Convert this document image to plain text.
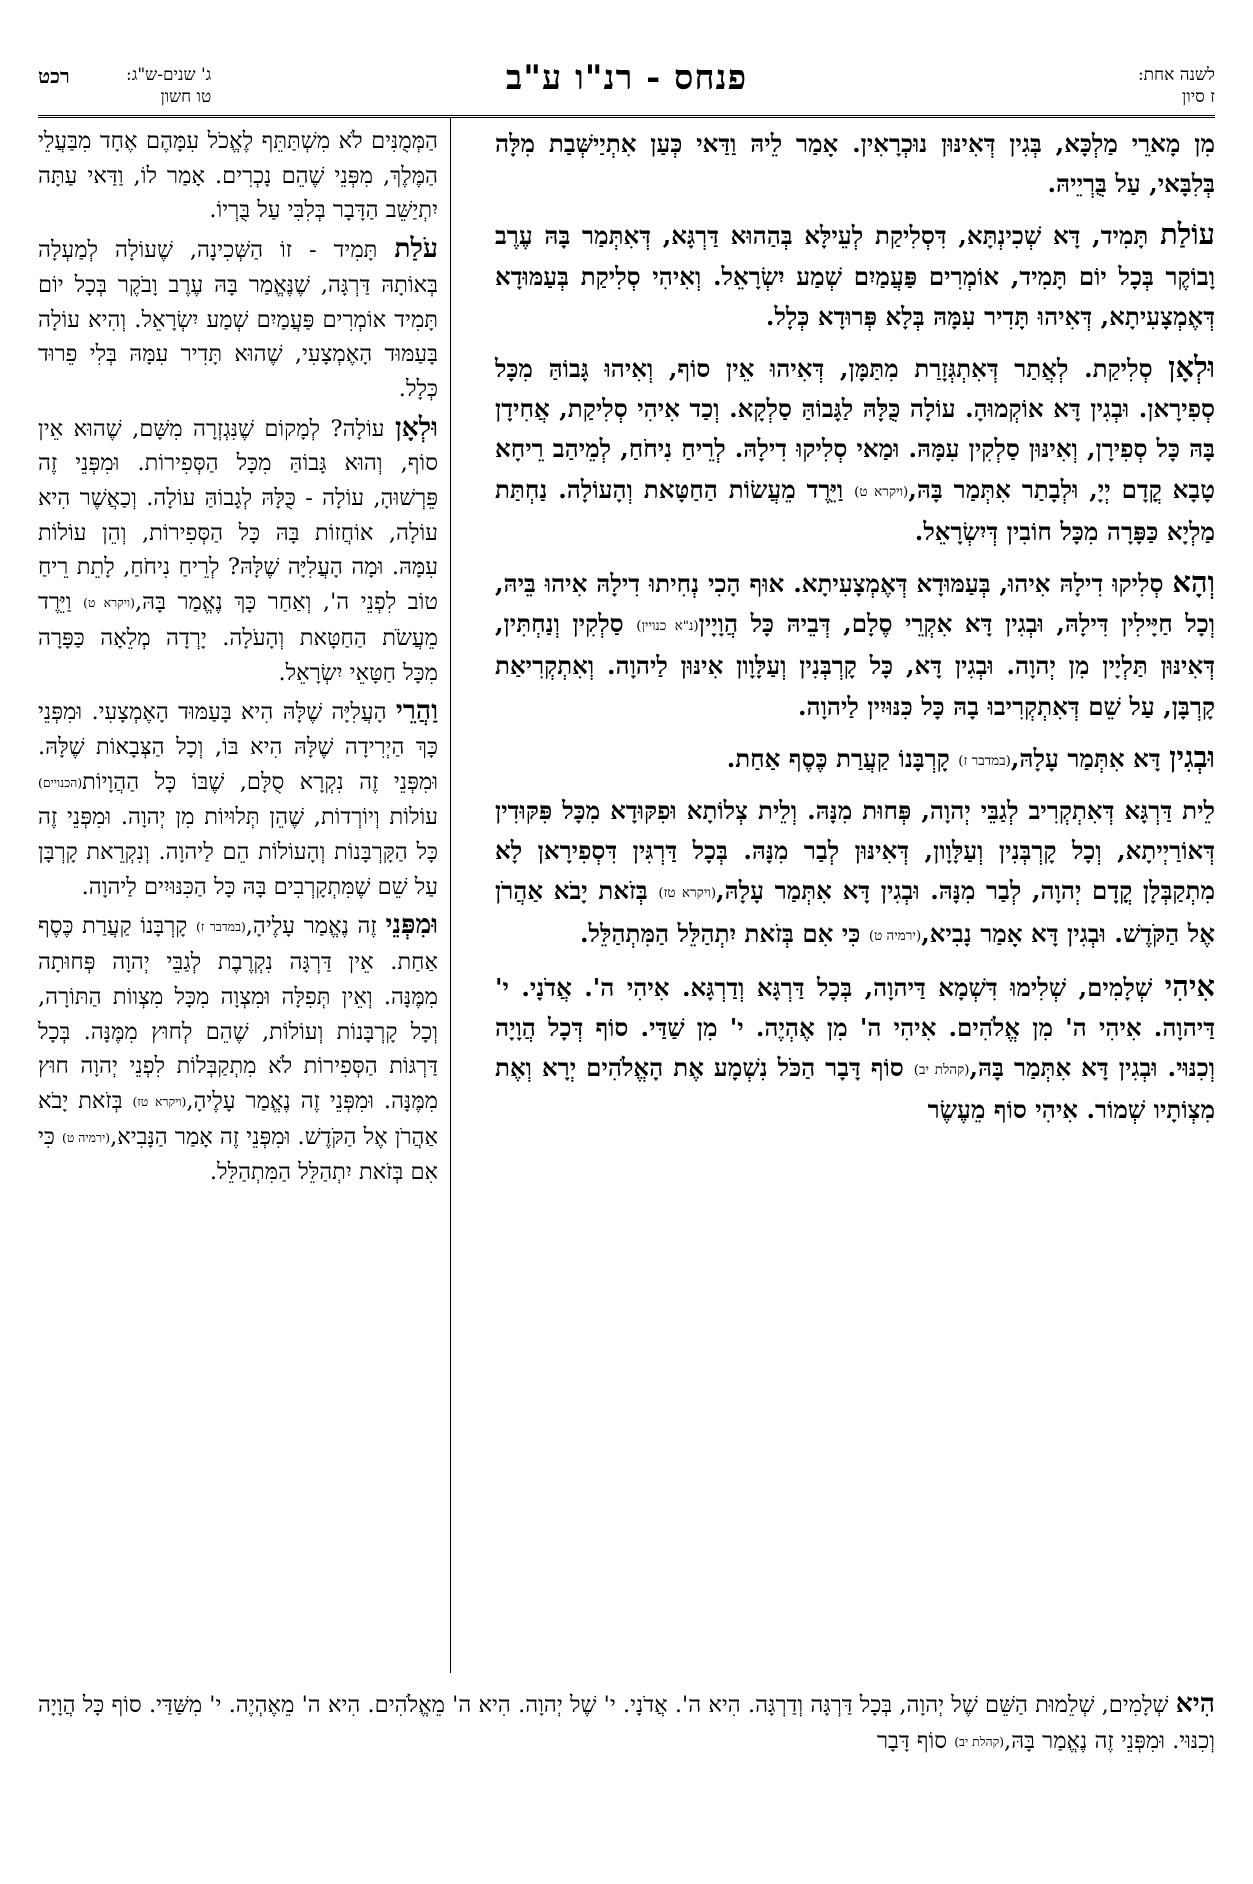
לשנה אחת:
ז סיון
פנחס - רנ"ו ע"ב
ג' שנים-ש"ג:
טו חשון
רכט

מִן מָארֵי מַלְכָּא, בְּגִין דְּאִינּוּן נוּכְרָאִין. אָמַר לֵיהּ וַדַּאי כְּעַן אִתְיַישְּׁבַת מִלָּה בְּלִבָּאי, עַל בֻּרְיֵיהּ.

עוֹלַת תָּמִיד, דָּא שְׁכִינְתָּא, דִּסְלִיקַת לְעֵילָּא בְּהַהוּא דַּרְגָּא, דְּאִתְּמַר בָּהּ עֶרֶב וָבוֹקֶר בְּכָל יוֹם תָּמִיד, אוֹמְרִים פַּעֲמַיִם שְׁמַע יִשְׂרָאֵל. וְאִיהִי סְלִיקַת בְּעַמּוּדָא דְּאֶמְצָעִיתָא, דְּאִיהוּ תָּדִיר עִמָּהּ בְּלָא פְּרוּדָא כְּלָל.

וּלְאָן סְלִיקַת. לְאֲתַר דְּאִתְגְּזָרַת מִתַּמָּן, דְּאִיהוּ אֵין סוֹף, וְאִיהוּ גָּבוֹהַּ מִכָּל סְפִירָאן. וּבְגִין דָּא אוֹקְמוּהָ. עוֹלָה כֻּלָּהּ לַגָּבוֹהַּ סַלְקָא. וְכַד אִיהִי סְלִיקַת, אֲחִידָן בָּהּ כָּל סְפִירָן, וְאִינּוּן סַלְקִין עִמָּהּ. וּמַאי סְלִיקוּ דִילָהּ. לְרֵיחַ נִיחֹחַ, לְמֵיהַב רֵיחָא טָבָא קֳדָם יְיָ, וּלְבָתַר אִתְּמַר בָּהּ,(ויקרא ט) וַיֵּרֶד מֵעֲשׂוֹת הַחַטָּאת וְהָעוֹלָה. נַחְתַּת מַלְיָא כַּפָּרָה מִכָּל חוֹבִין דְּיִשְׂרָאֵל.

וְהָא סְלִיקוּ דִילָהּ אִיהוּ, בְּעַמּוּדָא דְּאֶמְצָעִיתָא. אוּף הָכִי נְחִיתוּ דִילָהּ אִיהוּ בֵּיהּ, וְכָל חַיָּילִין דִּילָהּ, וּבְגִין דָּא אִקְרֵי סֶלָם, דְּבֵיהּ כָּל הֲוָיָין(נ"א כנויין) סַלְקִין וְנַחְתִּין, דְּאִינּוּן תַּלְיָין מִן יְהוָה. וּבְגִין דָּא, כָּל קָרְבְּנִין וְעַלָּוָון אִינּוּן לַיהוָה. וְאִתְקְרִיאַת קָרְבָּן, עַל שֵׁם דְּאִתְקְרִיבוּ בָהּ כָּל כִּנּוּיִין לַיהוָה.

וּבְגִין דָּא אִתְּמַר עָלָהּ,(במדבר ז) קָרְבָּנוֹ קַעֲרַת כֶּסֶף אַחַת.

לֵית דַּרְגָּא דְּאִתְקְרִיב לְגַבֵּי יְהוָה, פְּחוּת מִנָּהּ. וְלֵית צְלוֹתָא וּפִקּוּדָא מִכָּל פִּקּוּדִין דְּאוֹרַיְיתָא, וְכָל קָרְבְּנִין וְעַלָּוָון, דְּאִינּוּן לְבַר מִנָּהּ. בְּכָל דַּרְגִּין דִּסְפִירָאן לָא מִתְקַבְּלָן קֳדָם יְהוָה, לְבַר מִנָּהּ. וּבְגִין דָּא אִתְּמַר עָלָהּ,(ויקרא טז) בְּזֹאת יָבֹא אַהֲרֹן אֶל הַקֹּדֶשׁ. וּבְגִין דָּא אָמַר נָבִיא,(ירמיה ט) כִּי אִם בְּזֹאת יִתְהַלֵּל הַמִּתְהַלֵּל.

אִיהִי שְׁלָמִים, שְׁלִימוּ דִּשְׁמָא דַּיהוָה, בְּכָל דַּרְגָּא וְדַרְגָּא. אִיהִי ה'. אֲדֹנָי. י' דַּיהוָה. אִיהִי ה' מִן אֱלֹהִים. אִיהִי ה' מִן אֶהְיֶה. י' מִן שַׁדַּי. סוֹף דְּכָל הֲוָיָה וְכִנּוּי. וּבְגִין דָּא אִתְּמַר בָּהּ,(קהלת יב) סוֹף דָּבָר הַכֹּל נִשְׁמָע אֶת הָאֱלֹהִים יְרָא וְאֶת מִצְוֹתָיו שְׁמוֹר. אִיהִי סוֹף מֵעֶשֶׂר

הַמְּמֻנִּים לֹא מִשְׁתַּתֵּף לֶאֱכֹל עִמָּהֶם אֶחָד מִבַּעֲלֵי הַמֶּלֶךְ, מִפְּנֵי שֶׁהֵם נָכְרִים. אָמַר לוֹ, וַדַּאי עַתָּה יִתְיַשֵּׁב הַדָּבָר בְּלִבִּי עַל בֻּרְיוֹ.

עֹלַת תָּמִיד - זוֹ הַשְּׁכִינָה, שֶׁעוֹלָה לְמַעְלָה בְּאוֹתָהּ דַּרְגָּה, שֶׁנֶּאֱמַר בָּהּ עֶרֶב וָבֹקֶר בְּכָל יוֹם תָּמִיד אוֹמְרִים פַּעֲמַיִם שְׁמַע יִשְׂרָאֵל. וְהִיא עוֹלָה בָּעַמּוּד הָאֶמְצָעִי, שֶׁהוּא תָּדִיר עִמָּהּ בְּלִי פֵרוּד כְּלָל.

וּלְאָן עוֹלָה? לְמָקוֹם שֶׁנִּגְזְרָה מִשָּׁם, שֶׁהוּא אֵין סוֹף, וְהוּא גָּבוֹהַּ מִכָּל הַסְּפִירוֹת. וּמִפְּנֵי זֶה פֵּרְשׁוּהָ, עוֹלָה - כֻּלָּהּ לְגָבוֹהַּ עוֹלָה. וְכַאֲשֶׁר הִיא עוֹלָה, אוֹחֲזוֹת בָּהּ כָּל הַסְּפִירוֹת, וְהֵן עוֹלוֹת עִמָּהּ. וּמָה הָעֲלִיָּה שֶׁלָּהּ? לְרֵיחַ נִיחֹחַ, לָתֵת רֵיחַ טוֹב לִפְנֵי ה', וְאַחַר כָּךְ נֶאֱמַר בָּהּ,(ויקרא ט) וַיֵּרֶד מֵעֲשֹׂת הַחַטָּאת וְהָעֹלָה. יָרְדָה מְלֵאָה כַּפָּרָה מִכָּל חַטָּאֵי יִשְׂרָאֵל.

וַהֲרֵי הָעֲלִיָּה שֶׁלָּהּ הִיא בָּעַמּוּד הָאֶמְצָעִי. וּמִפְּנֵי כָּךְ הַיְרִידָה שֶׁלָּהּ הִיא בּוֹ, וְכָל הַצְּבָאוֹת שֶׁלָּהּ. וּמִפְּנֵי זֶה נִקְרָא סֻלָּם, שֶׁבּוֹ כָּל הַהֲוָיוֹת(הכנויים) עוֹלוֹת וְיוֹרְדוֹת, שֶׁהֵן תְּלוּיוֹת מִן יְהוָה. וּמִפְּנֵי זֶה כָּל הַקָּרְבָּנוֹת וְהָעוֹלוֹת הֵם לַיהוָה. וְנִקְרֵאת קָרְבָּן עַל שֵׁם שֶׁמִּתְקָרְבִים בָּהּ כָּל הַכִּנּוּיִים לַיהוָה.

וּמִפְּנֵי זֶה נֶאֱמַר עָלֶיהָ,(במדבר ז) קָרְבָּנוֹ קַעֲרַת כֶּסֶף אַחַת. אֵין דַּרְגָּה נִקְרֶבֶת לְגַבֵּי יְהוָה פְּחוּתָה מִמֶּנָּה. וְאֵין תְּפִלָּה וּמִצְוָה מִכָּל מִצְווֹת הַתּוֹרָה, וְכָל קָרְבָּנוֹת וְעוֹלוֹת, שֶׁהֵם לְחוּץ מִמֶּנָּה. בְּכָל דַּרְגּוֹת הַסְּפִירוֹת לֹא מִתְקַבְּלוֹת לִפְנֵי יְהוָה חוּץ מִמֶּנָּה. וּמִפְּנֵי זֶה נֶאֱמַר עָלֶיהָ,(ויקרא טז) בְּזֹאת יָבֹא אַהֲרֹן אֶל הַקֹּדֶשׁ. וּמִפְּנֵי זֶה אָמַר הַנָּבִיא,(ירמיה ט) כִּי אִם בְּזֹאת יִתְהַלֵּל הַמִּתְהַלֵּל.

הִיא שְׁלָמִים, שְׁלֵמוּת הַשֵּׁם שֶׁל יְהוָה, בְּכָל דַּרְגָּה וְדַרְגָּה. הִיא ה'. אֲדֹנָי. י' שֶׁל יְהוָה. הִיא ה' מֵאֱלֹהִים. הִיא ה' מֵאֶהְיֶה. י' מִשַּׁדַּי. סוֹף כָּל הֲוָיָה וְכִנּוּי. וּמִפְּנֵי זֶה נֶאֱמַר בָּהּ,(קהלת יב) סוֹף דָּבָר
